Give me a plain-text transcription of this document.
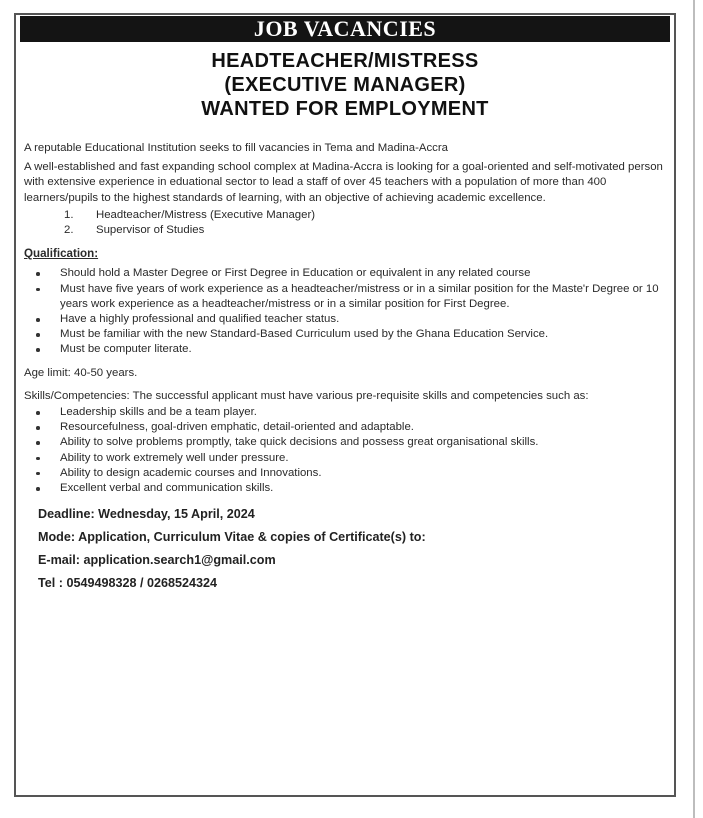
JOB VACANCIES
HEADTEACHER/MISTRESS
(EXECUTIVE MANAGER)
WANTED FOR EMPLOYMENT

A reputable Educational Institution seeks to fill vacancies in Tema and Madina-Accra

A well-established and fast expanding school complex at Madina-Accra is looking for a goal-oriented and self-motivated person with extensive experience in eduational sector to lead a staff of over 45 teachers with a population of more than 400 learners/pupils to the highest standards of learning, with an objective of achieving academic excellence.

1.	Headteacher/Mistress (Executive Manager)
2.	Supervisor of Studies
Qualification:
Should hold a Master Degree or First Degree in Education or equivalent in any related course
Must have five years of work experience as a headteacher/mistress or in a similar position for the Maste'r Degree or 10 years work experience as a headteacher/mistress or in a similar position for First Degree.
Have a highly professional and qualified teacher status.
Must be familiar with the new Standard-Based Curriculum used by the Ghana Education Service.
Must be computer literate.

Age limit: 40-50 years.

Skills/Competencies: The successful applicant must have various pre-requisite skills and competencies such as:

Leadership skills and be a team player.
Resourcefulness, goal-driven emphatic, detail-oriented and adaptable.
Ability to solve problems promptly, take quick decisions and possess great organisational skills.
Ability to work extremely well under pressure.
Ability to design academic courses and Innovations.
Excellent verbal and communication skills.
Deadline: Wednesday, 15 April, 2024
Mode: Application, Curriculum Vitae & copies of Certificate(s) to:
E-mail: application.search1@gmail.com
Tel : 0549498328 / 0268524324
